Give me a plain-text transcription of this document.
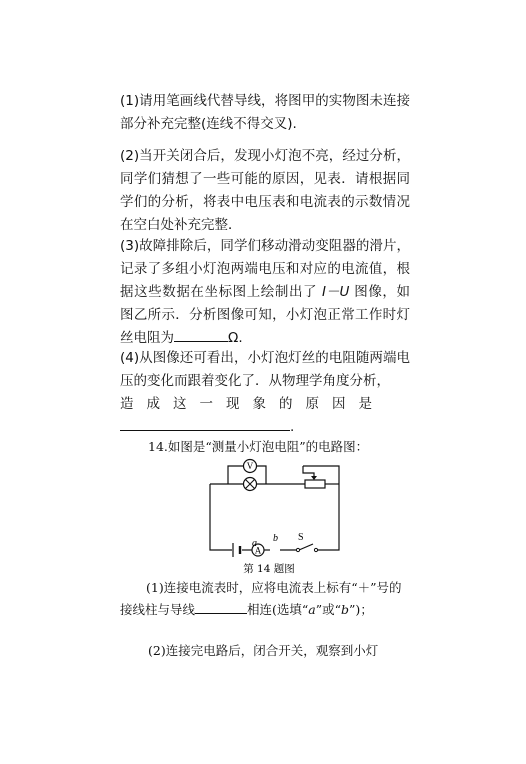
(1)请用笔画线代替导线，将图甲的实物图未连接部分补充完整(连线不得交叉).

(2)当开关闭合后，发现小灯泡不亮，经过分析，同学们猜想了一些可能的原因，见表．请根据同学们的分析，将表中电压表和电流表的示数情况在空白处补充完整．

(3)故障排除后，同学们移动滑动变阻器的滑片，记录了多组小灯泡两端电压和对应的电流值，根据这些数据在坐标图上绘制出了 I－U 图像，如图乙所示．分析图像可知，小灯泡正常工作时灯丝电阻为	Ω.

(4)从图像还可看出，小灯泡灯丝的电阻随两端电压的变化而跟着变化了．从物理学角度分析，
造成这一现象的原因是
.

14.如图是“测量小灯泡电阻”的电路图：
V
A
a b S
第 14 题图
(1)连接电流表时，应将电流表上标有“＋”号的接线柱与导线	相连(选填“a”或“b”)；
(2)连接完电路后，闭合开关，观察到小灯
